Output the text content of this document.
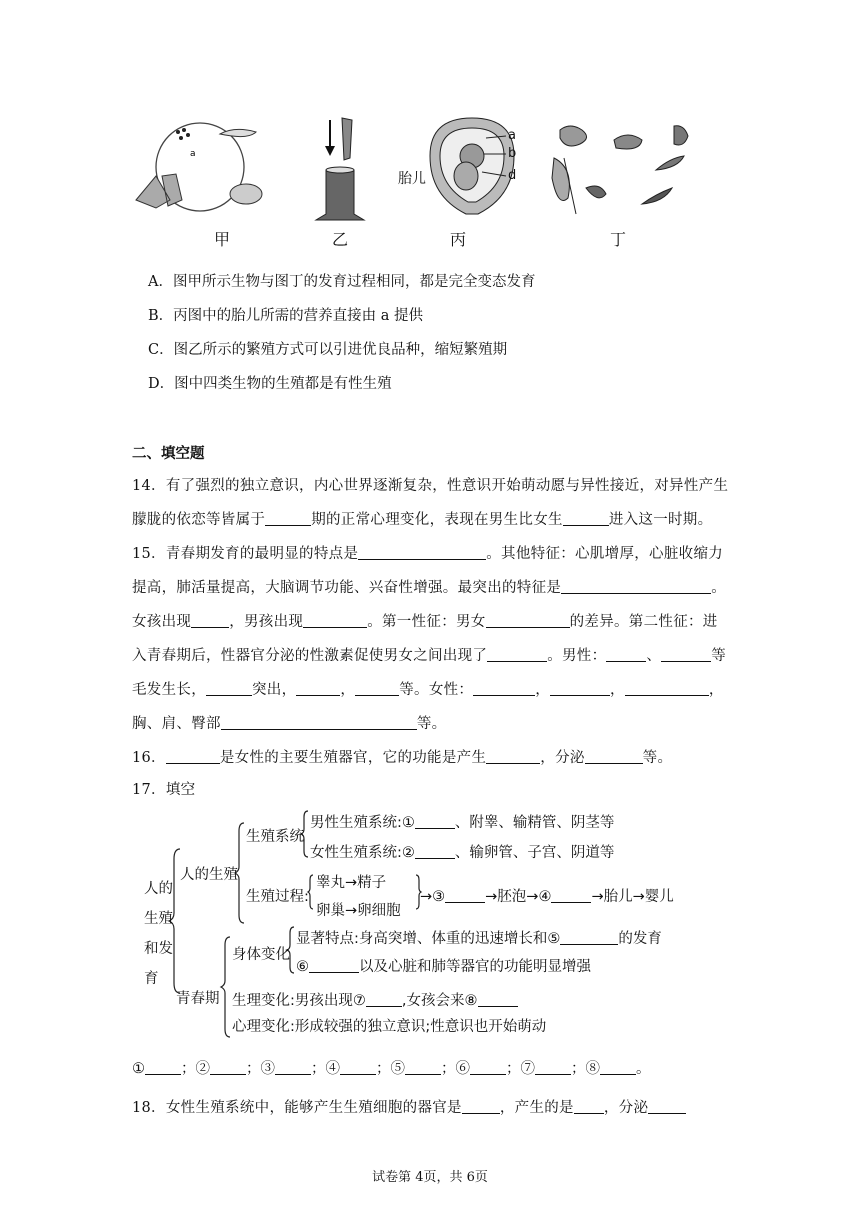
a
甲	乙
a
b
d
胎儿
丙	丁
A．图甲所示生物与图丁的发育过程相同，都是完全变态发育
B．丙图中的胎儿所需的营养直接由 a 提供
C．图乙所示的繁殖方式可以引进优良品种，缩短繁殖期
D．图中四类生物的生殖都是有性生殖
二、填空题
14．有了强烈的独立意识，内心世界逐渐复杂，性意识开始萌动愿与异性接近，对异性产生
朦胧的依恋等皆属于	期的正常心理变化，表现在男生比女生	进入这一时期。
15．青春期发育的最明显的特点是	。其他特征：心肌增厚，心脏收缩力
提高，肺活量提高，大脑调节功能、兴奋性增强。最突出的特征是	。
女孩出现	，男孩出现	。第一性征：男女	的差异。第二性征：进
入青春期后，性器官分泌的性激素促使男女之间出现了	。男性：	、	等
毛发生长，	突出，	，	等。女性：	，	，	，
胸、肩、臀部	等。
16．	是女性的主要生殖器官，它的功能是产生	，分泌	等。
17．填空
人的
生殖
和发
育
人的生殖
生殖系统
男性生殖系统:①	、附睾、输精管、阴茎等
女性生殖系统:②	、输卵管、子宫、阴道等
生殖过程:
睾丸→精子
卵巢→卵细胞
→③	→胚泡→④	→胎儿→婴儿
青春期
身体变化
显著特点:身高突增、体重的迅速增长和⑤	的发育
⑥	以及心脏和肺等器官的功能明显增强
生理变化:男孩出现⑦ ,女孩会来⑧
心理变化:形成较强的独立意识;性意识也开始萌动
① ；② ；③ ；④ ；⑤ ；⑥ ；⑦ ；⑧ 。
18．女性生殖系统中，能够产生生殖细胞的器官是	，产生的是 ，分泌
试卷第 4页，共 6页
